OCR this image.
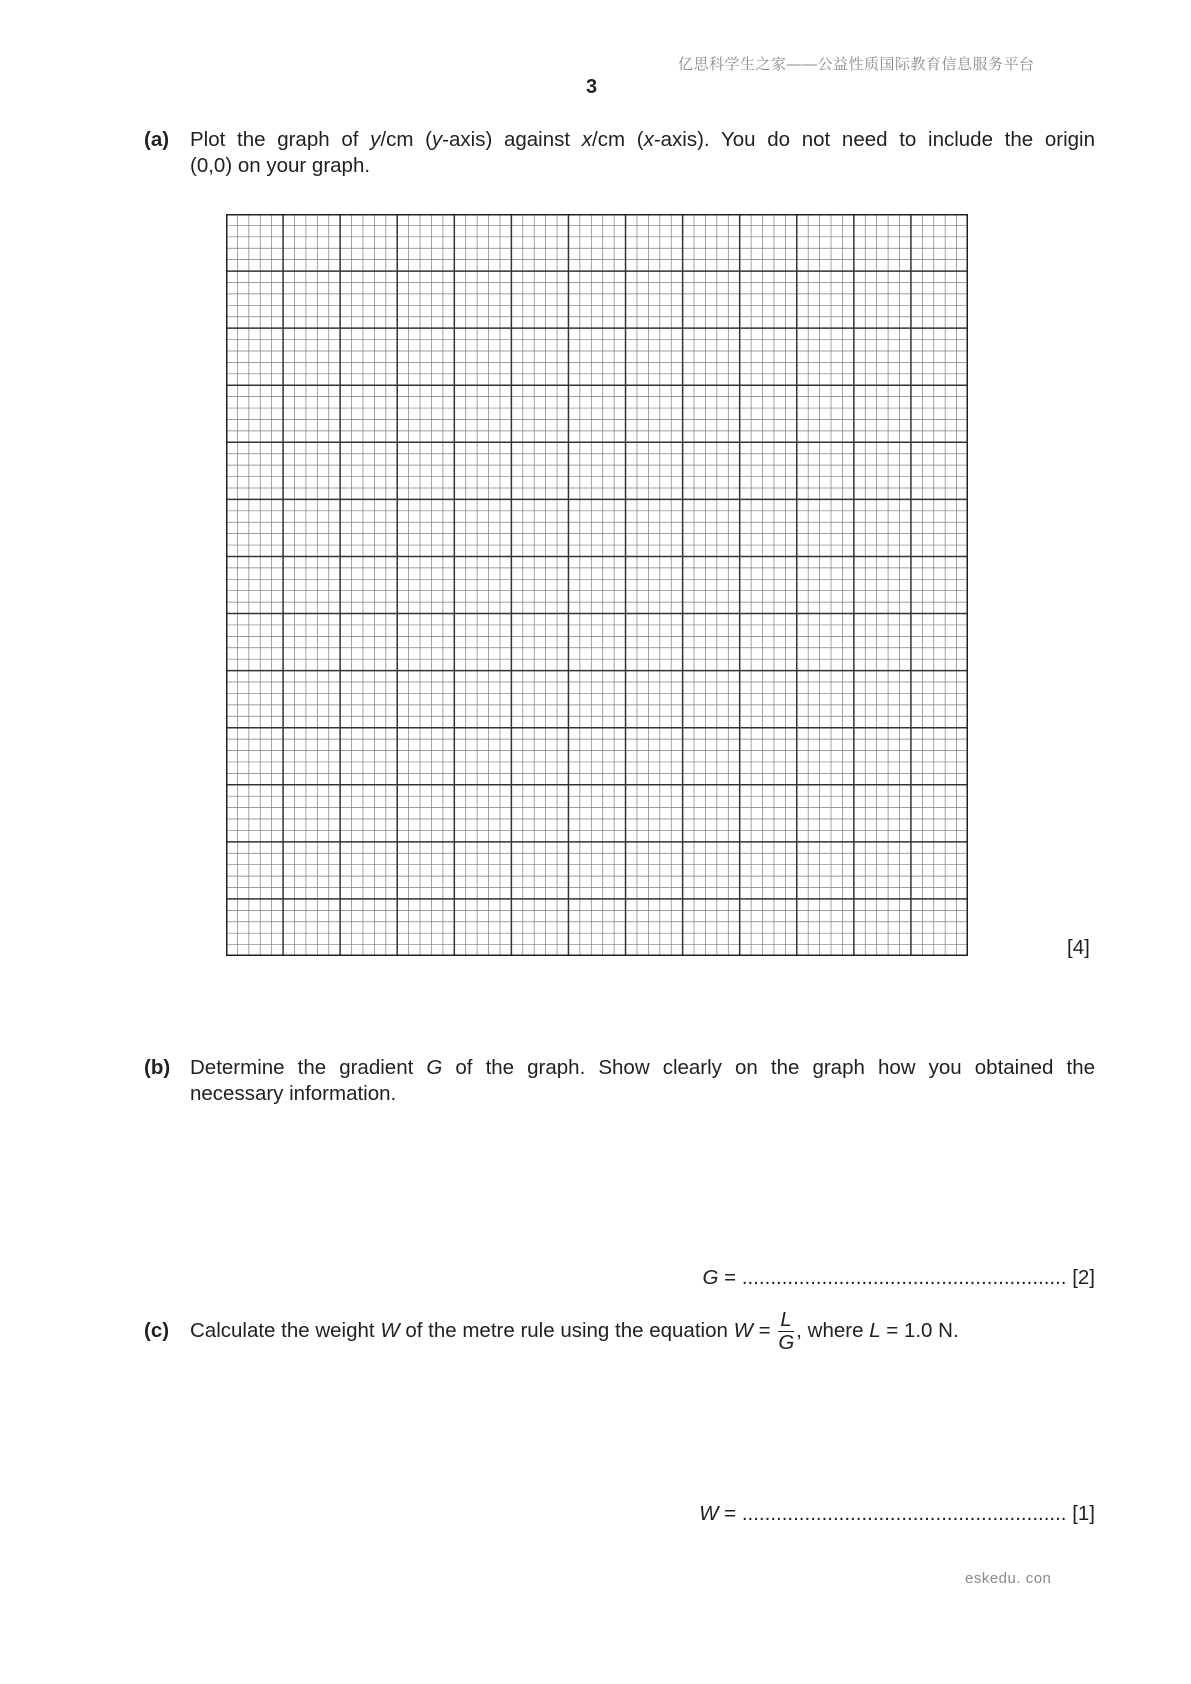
亿思科学生之家——公益性质国际教育信息服务平台
3
(a) Plot the graph of y/cm (y-axis) against x/cm (x-axis). You do not need to include the origin
(0,0) on your graph.
[4]
(b) Determine the gradient G of the graph. Show clearly on the graph how you obtained the
necessary information.
G = ......................................................... [2]
(c) Calculate the weight W of the metre rule using the equation $W = \frac{L}{G}$ , where L = 1.0 N.
W = ......................................................... [1]
eskedu. con
